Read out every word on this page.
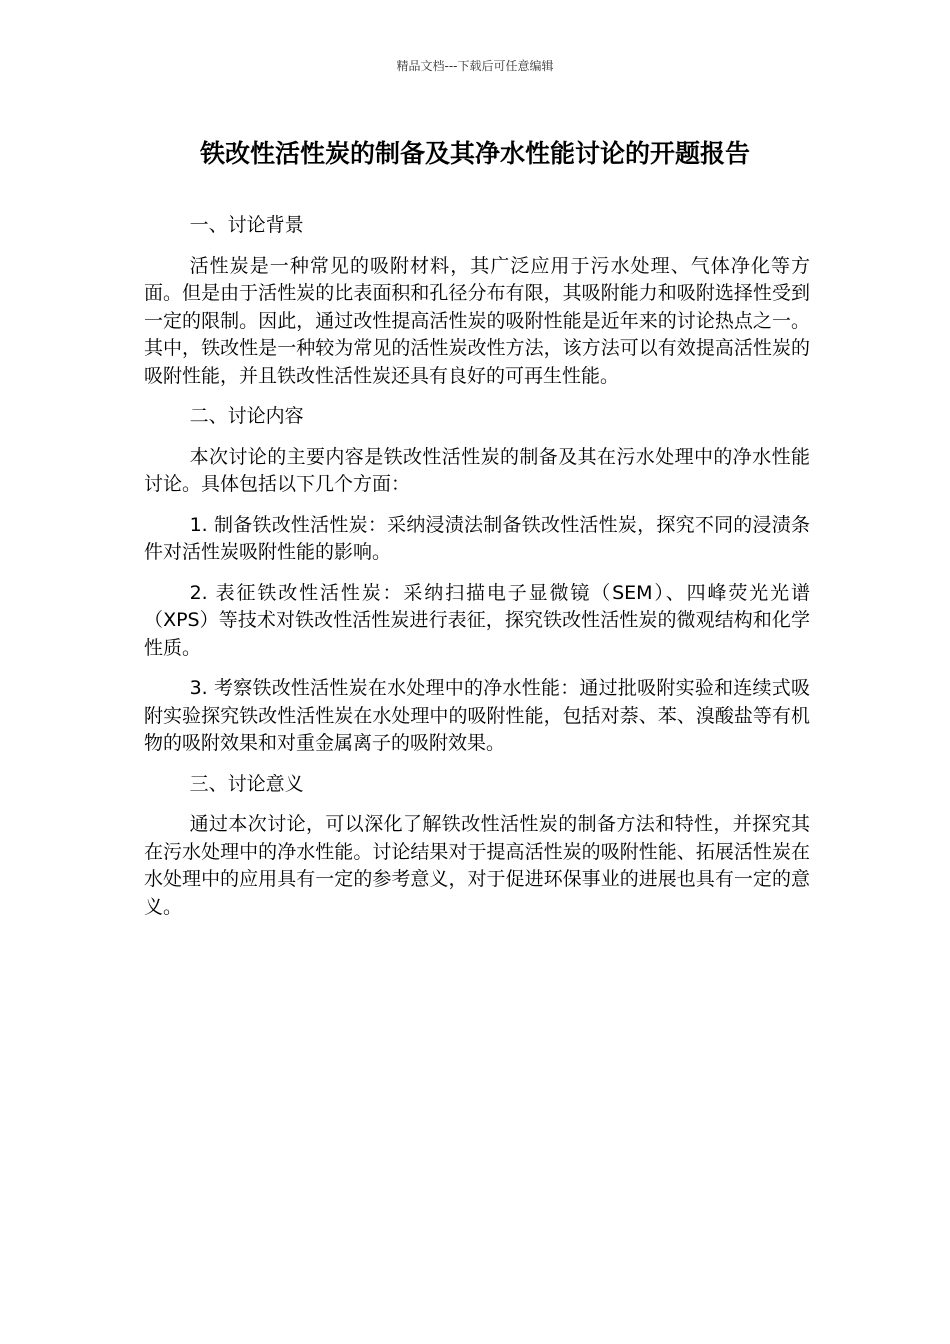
精品文档---下载后可任意编辑
铁改性活性炭的制备及其净水性能讨论的开题报告

一、讨论背景

活性炭是一种常见的吸附材料，其广泛应用于污水处理、气体净化等方面。但是由于活性炭的比表面积和孔径分布有限，其吸附能力和吸附选择性受到一定的限制。因此，通过改性提高活性炭的吸附性能是近年来的讨论热点之一。其中，铁改性是一种较为常见的活性炭改性方法，该方法可以有效提高活性炭的吸附性能，并且铁改性活性炭还具有良好的可再生性能。

二、讨论内容

本次讨论的主要内容是铁改性活性炭的制备及其在污水处理中的净水性能讨论。具体包括以下几个方面：

1. 制备铁改性活性炭：采纳浸渍法制备铁改性活性炭，探究不同的浸渍条件对活性炭吸附性能的影响。

2. 表征铁改性活性炭：采纳扫描电子显微镜（SEM）、四峰荧光光谱（XPS）等技术对铁改性活性炭进行表征，探究铁改性活性炭的微观结构和化学性质。

3. 考察铁改性活性炭在水处理中的净水性能：通过批吸附实验和连续式吸附实验探究铁改性活性炭在水处理中的吸附性能，包括对萘、苯、溴酸盐等有机物的吸附效果和对重金属离子的吸附效果。

三、讨论意义

通过本次讨论，可以深化了解铁改性活性炭的制备方法和特性，并探究其在污水处理中的净水性能。讨论结果对于提高活性炭的吸附性能、拓展活性炭在水处理中的应用具有一定的参考意义，对于促进环保事业的进展也具有一定的意义。
